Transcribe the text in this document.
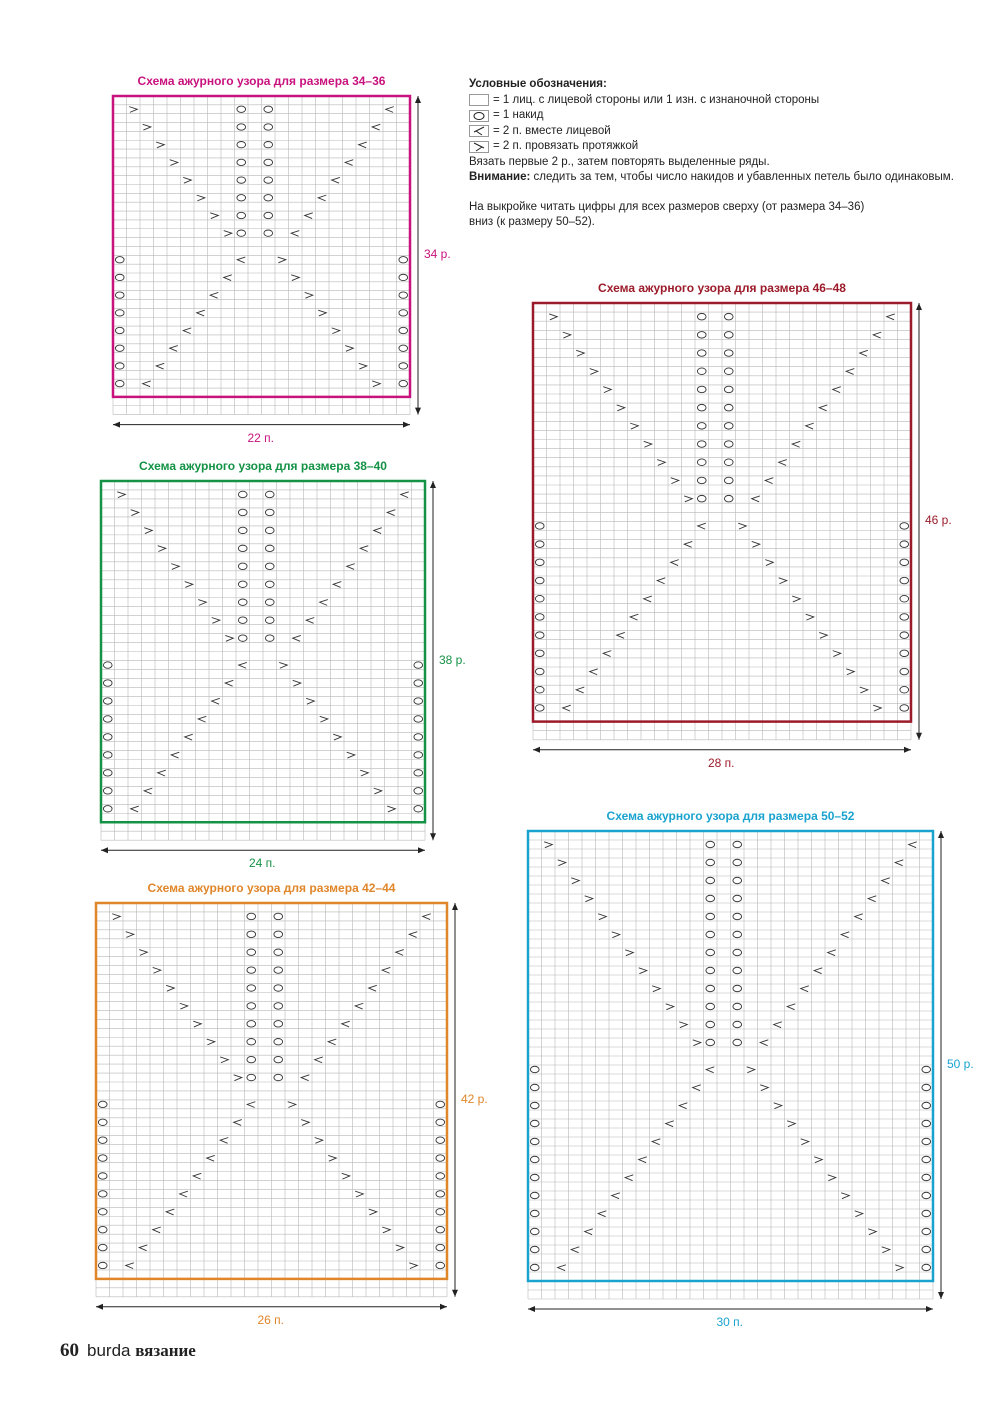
Условные обозначения:
= 1 лиц. с лицевой стороны или 1 изн. с изнаночной стороны
= 1 накид
= 2 п. вместе лицевой
= 2 п. провязать протяжкой
Вязать первые 2 р., затем повторять выделенные ряды.
Внимание: следить за тем, чтобы число накидов и убавленных петель было одинаковым.
На выкройке читать цифры для всех размеров сверху (от размера 34–36)
вниз (к размеру 50–52).
Схема ажурного узора для размера 34–36
22 п.
34 р.
Схема ажурного узора для размера 38–40
24 п.
38 р.
Схема ажурного узора для размера 42–44
26 п.
42 р.
Схема ажурного узора для размера 46–48
28 п.
46 р.
Схема ажурного узора для размера 50–52
30 п.
50 р.
60 burda вязание
